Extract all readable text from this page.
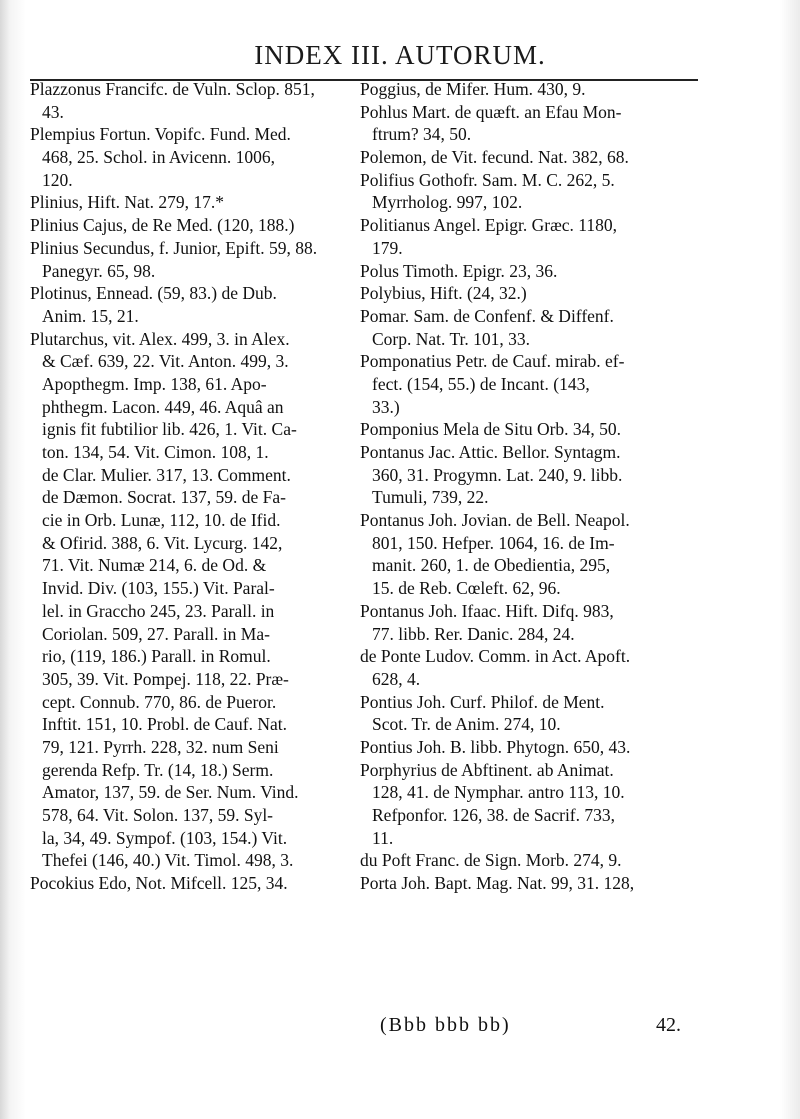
INDEX III. AUTORUM.
Plazzonus Francifc. de Vuln. Sclop. 851,
43.
Plempius Fortun. Vopifc. Fund. Med.
468, 25. Schol. in Avicenn. 1006,
120.
Plinius, Hift. Nat. 279, 17.*
Plinius Cajus, de Re Med. (120, 188.)
Plinius Secundus, f. Junior, Epift. 59, 88.
Panegyr. 65, 98.
Plotinus, Ennead. (59, 83.) de Dub.
Anim. 15, 21.
Plutarchus, vit. Alex. 499, 3. in Alex.
& Cæf. 639, 22. Vit. Anton. 499, 3.
Apopthegm. Imp. 138, 61. Apo-
phthegm. Lacon. 449, 46. Aquâ an
ignis fit fubtilior lib. 426, 1. Vit. Ca-
ton. 134, 54. Vit. Cimon. 108, 1.
de Clar. Mulier. 317, 13. Comment.
de Dæmon. Socrat. 137, 59. de Fa-
cie in Orb. Lunæ, 112, 10. de Ifid.
& Ofirid. 388, 6. Vit. Lycurg. 142,
71. Vit. Numæ 214, 6. de Od. &
Invid. Div. (103, 155.) Vit. Paral-
lel. in Graccho 245, 23. Parall. in
Coriolan. 509, 27. Parall. in Ma-
rio, (119, 186.) Parall. in Romul.
305, 39. Vit. Pompej. 118, 22. Præ-
cept. Connub. 770, 86. de Pueror.
Inftit. 151, 10. Probl. de Cauf. Nat.
79, 121. Pyrrh. 228, 32. num Seni
gerenda Refp. Tr. (14, 18.) Serm.
Amator, 137, 59. de Ser. Num. Vind.
578, 64. Vit. Solon. 137, 59. Syl-
la, 34, 49. Sympof. (103, 154.) Vit.
Thefei (146, 40.) Vit. Timol. 498, 3.
Pocokius Edo, Not. Mifcell. 125, 34.
Poggius, de Mifer. Hum. 430, 9.
Pohlus Mart. de quæft. an Efau Mon-
ftrum? 34, 50.
Polemon, de Vit. fecund. Nat. 382, 68.
Polifius Gothofr. Sam. M. C. 262, 5.
Myrrholog. 997, 102.
Politianus Angel. Epigr. Græc. 1180,
179.
Polus Timoth. Epigr. 23, 36.
Polybius, Hift. (24, 32.)
Pomar. Sam. de Confenf. & Diffenf.
Corp. Nat. Tr. 101, 33.
Pomponatius Petr. de Cauf. mirab. ef-
fect. (154, 55.) de Incant. (143,
33.)
Pomponius Mela de Situ Orb. 34, 50.
Pontanus Jac. Attic. Bellor. Syntagm.
360, 31. Progymn. Lat. 240, 9. libb.
Tumuli, 739, 22.
Pontanus Joh. Jovian. de Bell. Neapol.
801, 150. Hefper. 1064, 16. de Im-
manit. 260, 1. de Obedientia, 295,
15. de Reb. Cœleft. 62, 96.
Pontanus Joh. Ifaac. Hift. Difq. 983,
77. libb. Rer. Danic. 284, 24.
de Ponte Ludov. Comm. in Act. Apoft.
628, 4.
Pontius Joh. Curf. Philof. de Ment.
Scot. Tr. de Anim. 274, 10.
Pontius Joh. B. libb. Phytogn. 650, 43.
Porphyrius de Abftinent. ab Animat.
128, 41. de Nymphar. antro 113, 10.
Refponfor. 126, 38. de Sacrif. 733,
11.
du Poft Franc. de Sign. Morb. 274, 9.
Porta Joh. Bapt. Mag. Nat. 99, 31. 128,
(Bbb bbb bb)	42.
